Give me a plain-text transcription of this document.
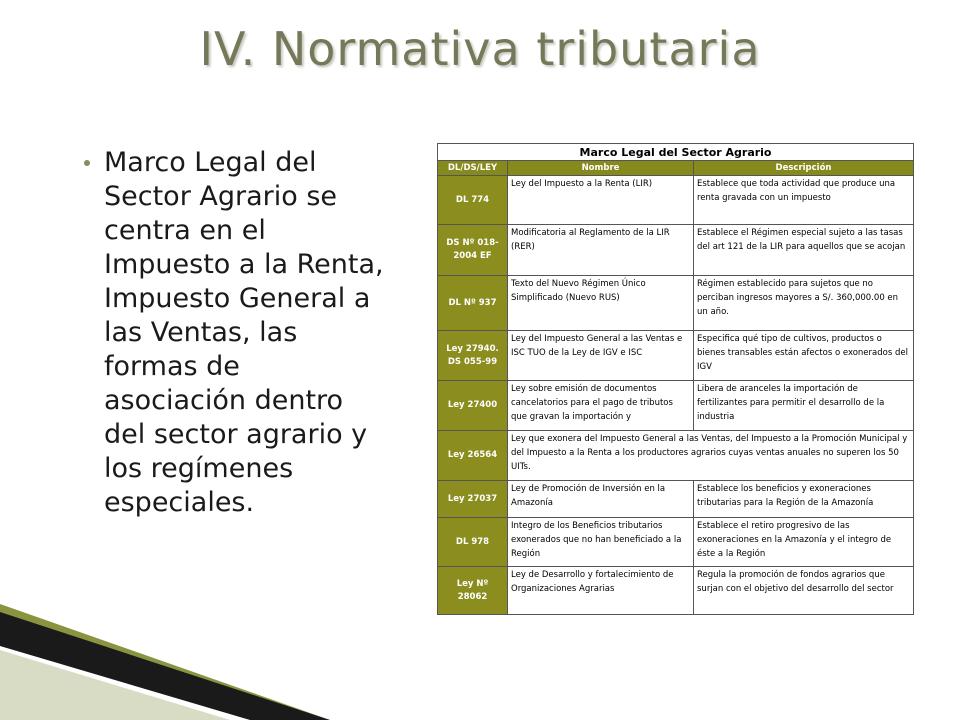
IV. Normativa tributaria
Marco Legal del Sector Agrario se centra en el Impuesto a la Renta, Impuesto General a las Ventas, las formas de asociación dentro del sector agrario y los regímenes especiales.
Marco Legal del Sector Agrario		
DL/DS/LEY	Nombre	Descripción
DL 774	Ley del Impuesto a la Renta (LIR)	Establece que toda actividad que produce una renta gravada con un impuesto
DS Nº 018-2004 EF	Modificatoria al Reglamento de la LIR (RER)	Establece el Régimen especial sujeto a las tasas del art 121 de la LIR para aquellos que se acojan
DL Nº 937	Texto del Nuevo Régimen Único Simplificado (Nuevo RUS)	Régimen establecido para sujetos que no perciban ingresos mayores a S/. 360,000.00 en un año.
Ley 27940. DS 055-99	Ley del Impuesto General a las Ventas e ISC TUO de la Ley de IGV e ISC	Especifica qué tipo de cultivos, productos o bienes transables están afectos o exonerados del IGV
Ley 27400	Ley sobre emisión de documentos cancelatorios para el pago de tributos que gravan la importación y	Libera de aranceles la importación de fertilizantes para permitir el desarrollo de la industria
Ley 26564	Ley que exonera del Impuesto General a las Ventas, del Impuesto a la Promoción Municipal y del Impuesto a la Renta a los productores agrarios cuyas ventas anuales no superen los 50 UITs.	
Ley 27037	Ley de Promoción de Inversión en la Amazonía	Establece los beneficios y exoneraciones tributarias para la Región de la Amazonía
DL 978	Integro de los Beneficios tributarios exonerados que no han beneficiado a la Región	Establece el retiro progresivo de las exoneraciones en la Amazonía y el integro de éste a la Región
Ley Nº 28062	Ley de Desarrollo y fortalecimiento de Organizaciones Agrarias	Regula la promoción de fondos agrarios que surjan con el objetivo del desarrollo del sector
